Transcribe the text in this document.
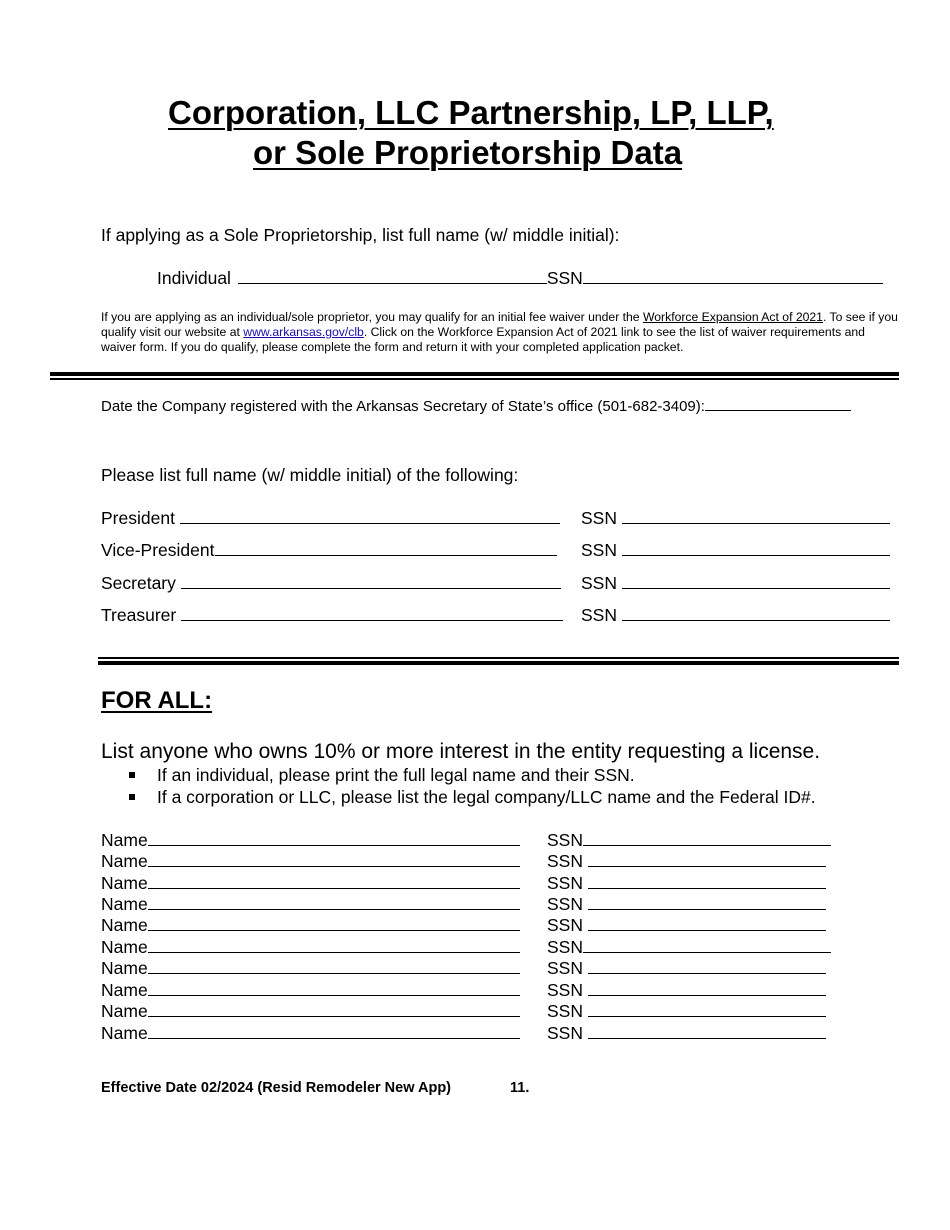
Corporation, LLC Partnership, LP, LLP,
or Sole Proprietorship Data
If applying as a Sole Proprietorship, list full name (w/ middle initial):
Individual	SSN
If you are applying as an individual/sole proprietor, you may qualify for an initial fee waiver under the Workforce Expansion Act of 2021. To see if you qualify visit our website at www.arkansas.gov/clb. Click on the Workforce Expansion Act of 2021 link to see the list of waiver requirements and waiver form. If you do qualify, please complete the form and return it with your completed application packet.
Date the Company registered with the Arkansas Secretary of State’s office (501-682-3409):
Please list full name (w/ middle initial) of the following:
President
Vice-President
Secretary
Treasurer
SSN
SSN
SSN
SSN
FOR ALL:
List anyone who owns 10% or more interest in the entity requesting a license.
If an individual, please print the full legal name and their SSN.
If a corporation or LLC, please list the legal company/LLC name and the Federal ID#.
Name
Name
Name
Name
Name
Name
Name
Name
Name
Name
SSN
SSN
SSN
SSN
SSN
SSN
SSN
SSN
SSN
SSN
Effective Date 02/2024 (Resid Remodeler New App)	11.
